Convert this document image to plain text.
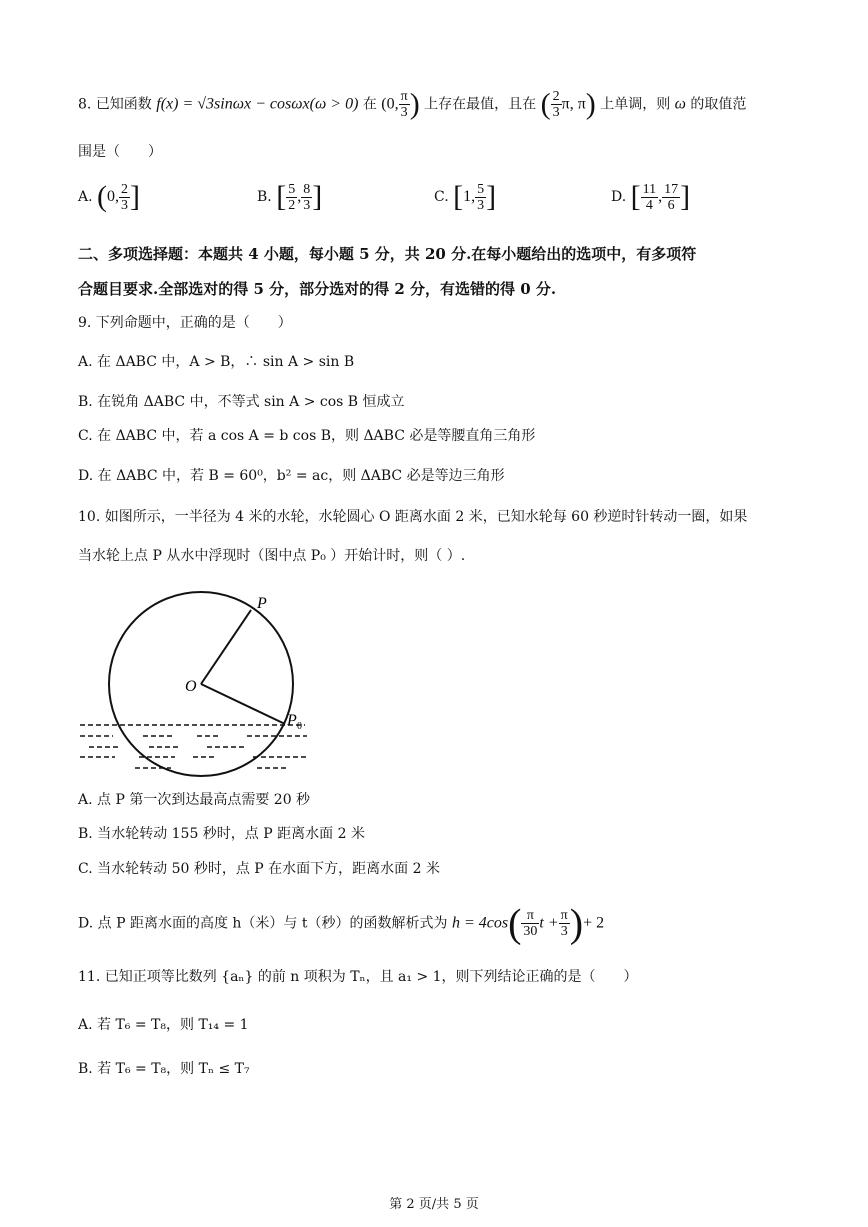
8. 已知函数 f(x) = √3sinωx − cosωx(ω > 0) 在 (0, $\frac{\pi}{3}$ ) 上存在最值，且在 ( $\frac{2}{3} \pi$, π) 上单调，则 ω 的取值范
围是（　　）
A. (0, $\frac{2}{3}$ ]	B. [ $\frac{5}{2}$ , $\frac{8}{3}$ ]	C. [1, $\frac{5}{3}$ ]	D. [ $\frac{11}{4}$ , $\frac{17}{6}$ ]
二、多项选择题：本题共 4 小题，每小题 5 分，共 20 分.在每小题给出的选项中，有多项符
合题目要求.全部选对的得 5 分，部分选对的得 2 分，有选错的得 0 分.
9. 下列命题中，正确的是（　　）
A. 在 ΔABC 中，A > B，∴ sin A > sin B
B. 在锐角 ΔABC 中，不等式 sin A > cos B 恒成立
C. 在 ΔABC 中，若 a cos A = b cos B，则 ΔABC 必是等腰直角三角形
D. 在 ΔABC 中，若 B = 60⁰，b² = ac，则 ΔABC 必是等边三角形
10. 如图所示，一半径为 4 米的水轮，水轮圆心 O 距离水面 2 米，已知水轮每 60 秒逆时针转动一圈，如果
当水轮上点 P 从水中浮现时（图中点 P₀ ）开始计时，则（ ）.
P
O
P 0
A. 点 P 第一次到达最高点需要 20 秒
B. 当水轮转动 155 秒时，点 P 距离水面 2 米
C. 当水轮转动 50 秒时，点 P 在水面下方，距离水面 2 米
D. 点 P 距离水面的高度 h（米）与 t（秒）的函数解析式为 $h = 4\cos( \frac{\pi}{30}$ $t + \frac{\pi}{3}$ )+ 2
11. 已知正项等比数列 {aₙ} 的前 n 项积为 Tₙ，且 a₁ > 1，则下列结论正确的是（　　）
A. 若 T₆ = T₈，则 T₁₄ = 1
B. 若 T₆ = T₈，则 Tₙ ≤ T₇
第 2 页/共 5 页
